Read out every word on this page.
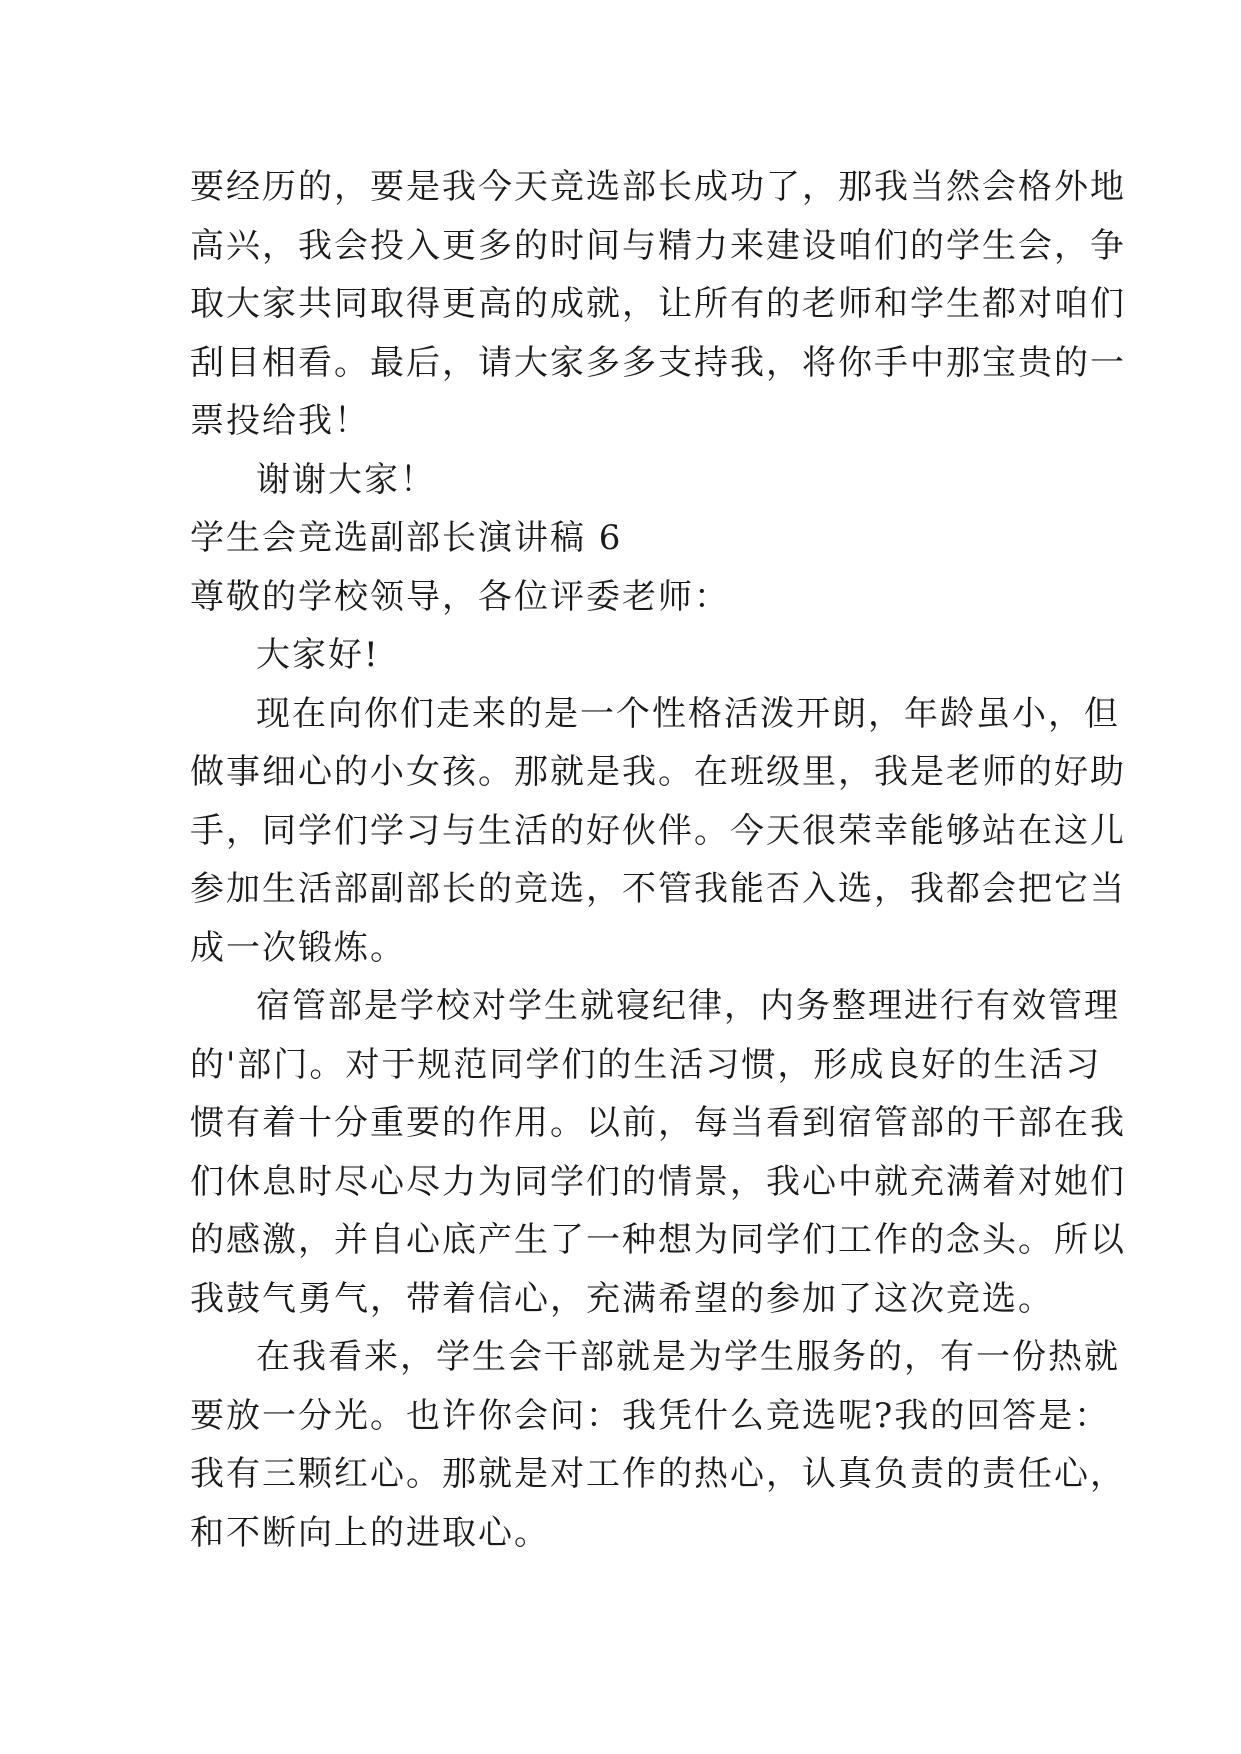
要经历的，要是我今天竞选部长成功了，那我当然会格外地
高兴，我会投入更多的时间与精力来建设咱们的学生会，争
取大家共同取得更高的成就，让所有的老师和学生都对咱们
刮目相看。最后，请大家多多支持我，将你手中那宝贵的一
票投给我！
谢谢大家！
学生会竞选副部长演讲稿 6
尊敬的学校领导，各位评委老师：
大家好!
现在向你们走来的是一个性格活泼开朗，年龄虽小，但
做事细心的小女孩。那就是我。在班级里，我是老师的好助
手，同学们学习与生活的好伙伴。今天很荣幸能够站在这儿
参加生活部副部长的竞选，不管我能否入选，我都会把它当
成一次锻炼。
宿管部是学校对学生就寝纪律，内务整理进行有效管理
的'部门。对于规范同学们的生活习惯，形成良好的生活习
惯有着十分重要的作用。以前，每当看到宿管部的干部在我
们休息时尽心尽力为同学们的情景，我心中就充满着对她们
的感激，并自心底产生了一种想为同学们工作的念头。所以
我鼓气勇气，带着信心，充满希望的参加了这次竞选。
在我看来，学生会干部就是为学生服务的，有一份热就
要放一分光。也许你会问：我凭什么竞选呢?我的回答是：
我有三颗红心。那就是对工作的热心，认真负责的责任心，
和不断向上的进取心。
